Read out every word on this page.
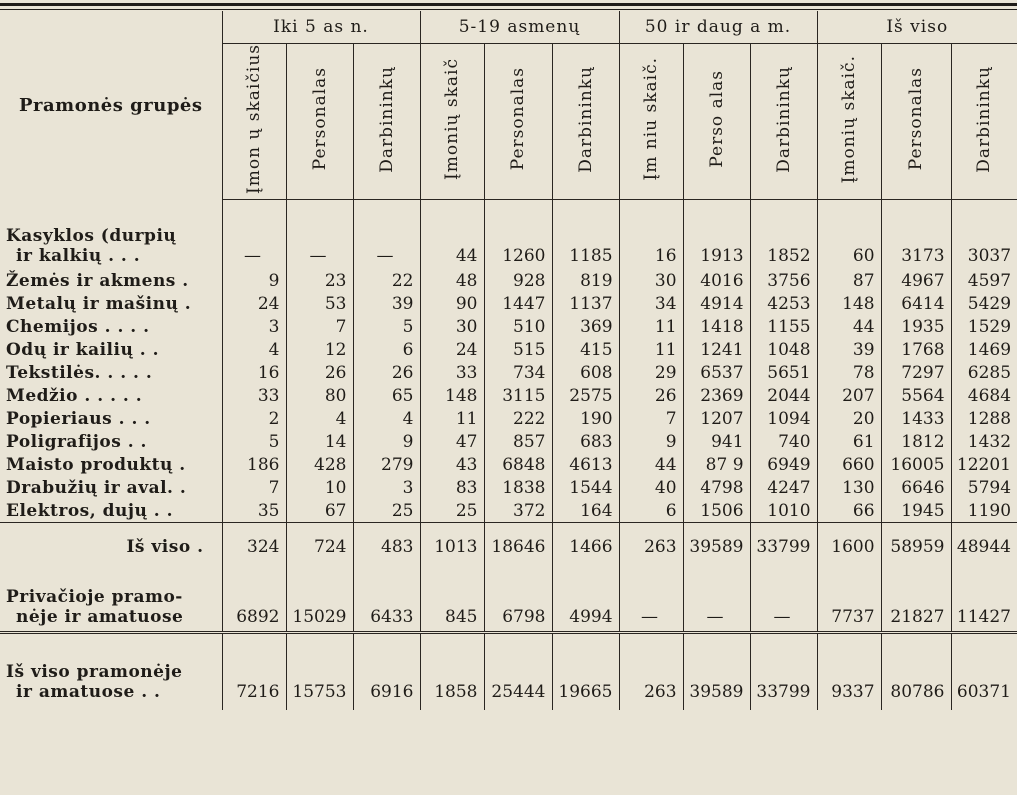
Pramonės grupės	Iki 5 as n.			5-19 asmenų			50 ir daug a m.			Iš viso		
	Įmon ų skaičius	Personalas	Darbininkų	Įmonių skaič	Personalas	Darbininkų	Įm niu skaič.	Perso alas	Darbininkų	Įmonių skaič.	Personalas	Darbininkų

Kasyklos (durpių
ir kalkių . . .	—	—	—	44	1260	1185	16	1913	1852	60	3173	3037
Žemės ir akmens .	9	23	22	48	928	819	30	4016	3756	87	4967	4597
Metalų ir mašinų .	24	53	39	90	1447	1137	34	4914	4253	148	6414	5429
Chemijos . . . .	3	7	5	30	510	369	11	1418	1155	44	1935	1529
Odų ir kailių . .	4	12	6	24	515	415	11	1241	1048	39	1768	1469
Tekstilės. . . . .	16	26	26	33	734	608	29	6537	5651	78	7297	6285
Medžio . . . . .	33	80	65	148	3115	2575	26	2369	2044	207	5564	4684
Popieriaus . . .	2	4	4	11	222	190	7	1207	1094	20	1433	1288
Poligrafijos . .	5	14	9	47	857	683	9	941	740	61	1812	1432
Maisto produktų .	186	428	279	43	6848	4613	44	87 9	6949	660	16005	12201
Drabužių ir aval. .	7	10	3	83	1838	1544	40	4798	4247	130	6646	5794
Elektros, dujų . .	35	67	25	25	372	164	6	1506	1010	66	1945	1190
Iš viso .	324	724	483	1013	18646	1466	263	39589	33799	1600	58959	48944
Privačioje pramo-
nėje ir amatuose	6892	15029	6433	845	6798	4994	—	—	—	7737	21827	11427
Iš viso pramonėje
ir amatuose . .	7216	15753	6916	1858	25444	19665	263	39589	33799	9337	80786	60371
